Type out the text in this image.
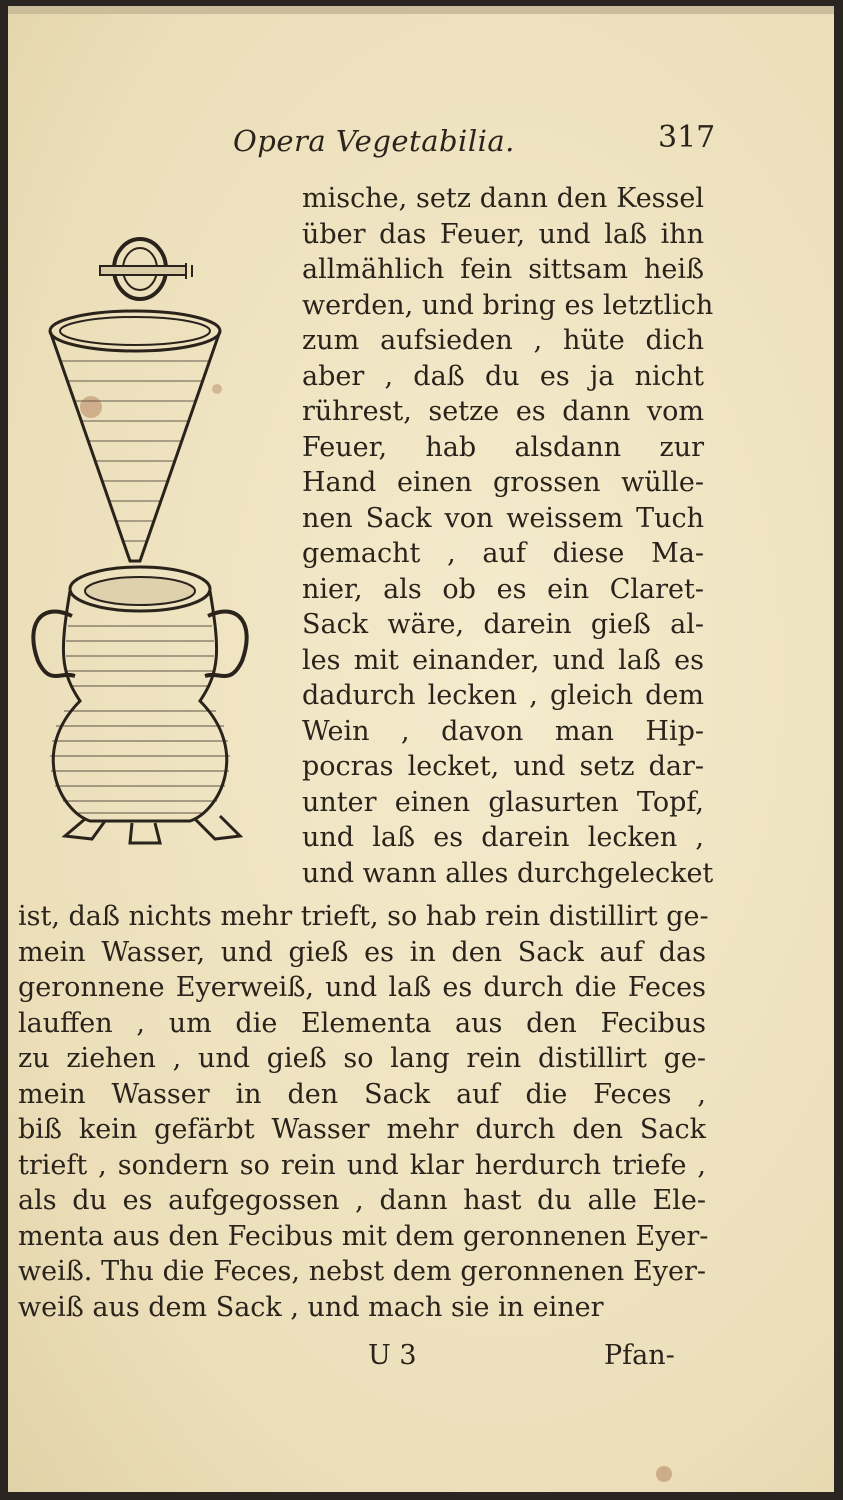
Opera Vegetabilia.	317
mische, setz dann den Kessel
über das Feuer, und laß ihn
allmählich fein sittsam heiß
werden, und bring es letztlich
zum aufsieden , hüte dich
aber , daß du es ja nicht
rührest, setze es dann vom
Feuer, hab alsdann zur
Hand einen grossen wülle-
nen Sack von weissem Tuch
gemacht , auf diese Ma-
nier, als ob es ein Claret-
Sack wäre, darein gieß al-
les mit einander, und laß es
dadurch lecken , gleich dem
Wein , davon man Hip-
pocras lecket, und setz dar-
unter einen glasurten Topf,
und laß es darein lecken ,
und wann alles durchgelecket
ist, daß nichts mehr trieft, so hab rein distillirt ge-
mein Wasser, und gieß es in den Sack auf das
geronnene Eyerweiß, und laß es durch die Feces
lauffen , um die Elementa aus den Fecibus
zu ziehen , und gieß so lang rein distillirt ge-
mein Wasser in den Sack auf die Feces ,
biß kein gefärbt Wasser mehr durch den Sack
trieft , sondern so rein und klar herdurch triefe ,
als du es aufgegossen , dann hast du alle Ele-
menta aus den Fecibus mit dem geronnenen Eyer-
weiß. Thu die Feces, nebst dem geronnenen Eyer-
weiß aus dem Sack , und mach sie in einer
U 3	Pfan-
